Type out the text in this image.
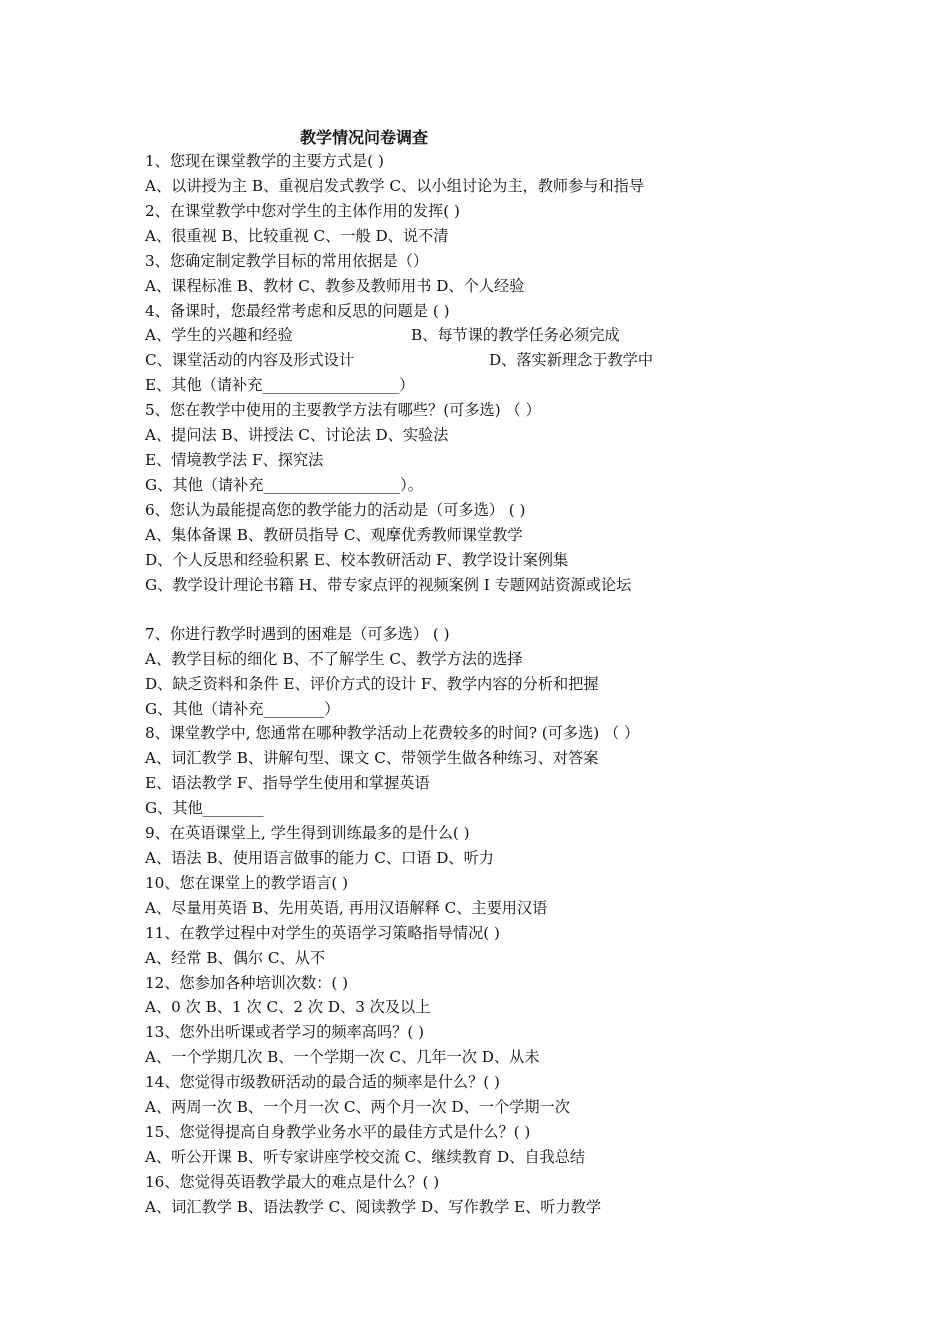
教学情况问卷调查
1、您现在课堂教学的主要方式是( )
A、以讲授为主 B、重视启发式教学 C、以小组讨论为主，教师参与和指导
2、在课堂教学中您对学生的主体作用的发挥( )
A、很重视 B、比较重视 C、一般 D、说不清
3、您确定制定教学目标的常用依据是（）
A、课程标准 B、教材 C、教参及教师用书 D、个人经验
4、备课时，您最经常考虑和反思的问题是 ( )
A、学生的兴趣和经验	B、每节课的教学任务必须完成
C、课堂活动的内容及形式设计	D、落实新理念于教学中
E、其他（请补充__________________）
5、您在教学中使用的主要教学方法有哪些？(可多选) （ ）
A、提问法 B、讲授法 C、讨论法 D、实验法
E、情境教学法 F、探究法
G、其他（请补充__________________）。
6、您认为最能提高您的教学能力的活动是（可多选） ( )
A、集体备课 B、教研员指导 C、观摩优秀教师课堂教学
D、个人反思和经验积累 E、校本教研活动 F、教学设计案例集
G、教学设计理论书籍 H、带专家点评的视频案例 I 专题网站资源或论坛
7、你进行教学时遇到的困难是（可多选） ( )
A、教学目标的细化 B、不了解学生 C、教学方法的选择
D、缺乏资料和条件 E、评价方式的设计 F、教学内容的分析和把握
G、其他（请补充________）
8、课堂教学中, 您通常在哪种教学活动上花费较多的时间? (可多选) （ ）
A、词汇教学 B、讲解句型、课文 C、带领学生做各种练习、对答案
E、语法教学 F、指导学生使用和掌握英语
G、其他________
9、在英语课堂上, 学生得到训练最多的是什么( )
A、语法 B、使用语言做事的能力 C、口语 D、听力
10、您在课堂上的教学语言( )
A、尽量用英语 B、先用英语, 再用汉语解释 C、主要用汉语
11、在教学过程中对学生的英语学习策略指导情况( )
A、经常 B、偶尔 C、从不
12、您参加各种培训次数：( )
A、0 次 B、1 次 C、2 次 D、3 次及以上
13、您外出听课或者学习的频率高吗？( )
A、一个学期几次 B、一个学期一次 C、几年一次 D、从未
14、您觉得市级教研活动的最合适的频率是什么？( )
A、两周一次 B、一个月一次 C、两个月一次 D、一个学期一次
15、您觉得提高自身教学业务水平的最佳方式是什么？( )
A、听公开课 B、听专家讲座学校交流 C、继续教育 D、自我总结
16、您觉得英语教学最大的难点是什么？( )
A、词汇教学 B、语法教学 C、阅读教学 D、写作教学 E、听力教学
